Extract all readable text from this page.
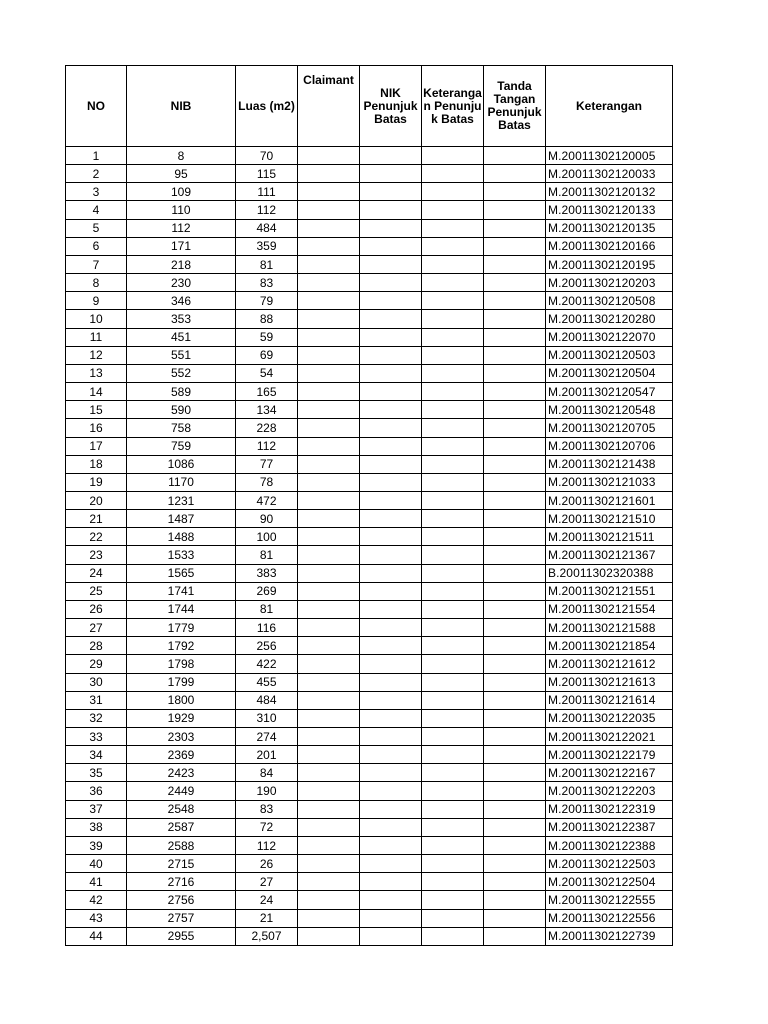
NO	NIB	Luas (m2)	Claimant	NIK Penunjuk Batas	Keterangan Penunjuk Batas	Tanda Tangan Penunjuk Batas	Keterangan
1	8	70					M.20011302120005
2	95	115					M.20011302120033
3	109	111					M.20011302120132
4	110	112					M.20011302120133
5	112	484					M.20011302120135
6	171	359					M.20011302120166
7	218	81					M.20011302120195
8	230	83					M.20011302120203
9	346	79					M.20011302120508
10	353	88					M.20011302120280
11	451	59					M.20011302122070
12	551	69					M.20011302120503
13	552	54					M.20011302120504
14	589	165					M.20011302120547
15	590	134					M.20011302120548
16	758	228					M.20011302120705
17	759	112					M.20011302120706
18	1086	77					M.20011302121438
19	1170	78					M.20011302121033
20	1231	472					M.20011302121601
21	1487	90					M.20011302121510
22	1488	100					M.20011302121511
23	1533	81					M.20011302121367
24	1565	383					B.20011302320388
25	1741	269					M.20011302121551
26	1744	81					M.20011302121554
27	1779	116					M.20011302121588
28	1792	256					M.20011302121854
29	1798	422					M.20011302121612
30	1799	455					M.20011302121613
31	1800	484					M.20011302121614
32	1929	310					M.20011302122035
33	2303	274					M.20011302122021
34	2369	201					M.20011302122179
35	2423	84					M.20011302122167
36	2449	190					M.20011302122203
37	2548	83					M.20011302122319
38	2587	72					M.20011302122387
39	2588	112					M.20011302122388
40	2715	26					M.20011302122503
41	2716	27					M.20011302122504
42	2756	24					M.20011302122555
43	2757	21					M.20011302122556
44	2955	2,507					M.20011302122739
